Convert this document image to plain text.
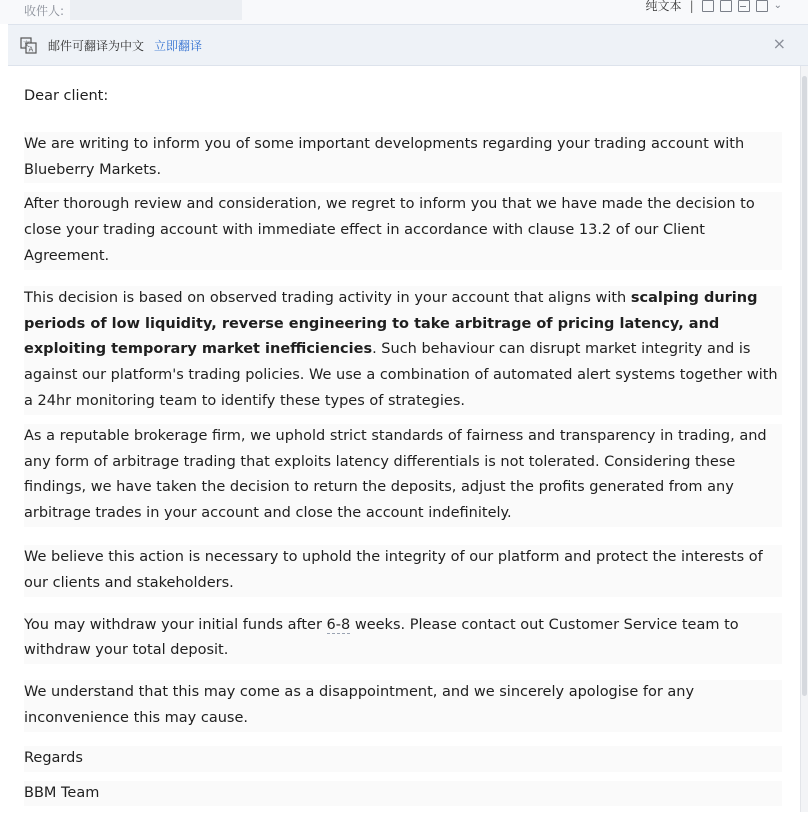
收件人:	纯文本 |	⌄
文
A 邮件可翻译为中文 立即翻译	×

Dear client:

We are writing to inform you of some important developments regarding your trading account with Blueberry Markets.

After thorough review and consideration, we regret to inform you that we have made the decision to close your trading account with immediate effect in accordance with clause 13.2 of our Client Agreement.

This decision is based on observed trading activity in your account that aligns with scalping during periods of low liquidity, reverse engineering to take arbitrage of pricing latency, and exploiting temporary market inefficiencies. Such behaviour can disrupt market integrity and is against our platform's trading policies. We use a combination of automated alert systems together with a 24hr monitoring team to identify these types of strategies.

As a reputable brokerage firm, we uphold strict standards of fairness and transparency in trading, and any form of arbitrage trading that exploits latency differentials is not tolerated. Considering these findings, we have taken the decision to return the deposits, adjust the profits generated from any arbitrage trades in your account and close the account indefinitely.

We believe this action is necessary to uphold the integrity of our platform and protect the interests of our clients and stakeholders.

You may withdraw your initial funds after 6-8 weeks. Please contact out Customer Service team to withdraw your total deposit.

We understand that this may come as a disappointment, and we sincerely apologise for any inconvenience this may cause.

Regards

BBM Team
